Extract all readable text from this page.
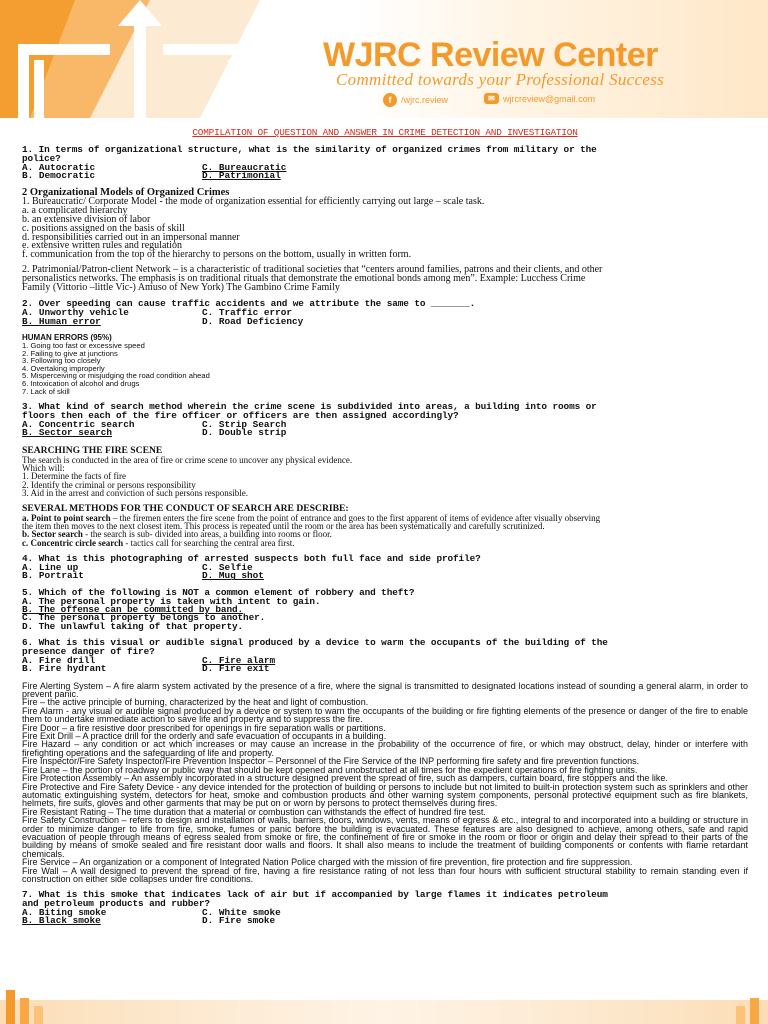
WJRC Review Center
Committed towards your Professional Success
f	/wjrc.review	✉ wjrcreview@gmail.com
COMPILATION OF QUESTION AND ANSWER IN CRIME DETECTION AND INVESTIGATION
1. In terms of organizational structure, what is the similarity of organized crimes from military or the
police?
A. Autocratic	C. Bureaucratic
B. Democratic	D. Patrimonial
2 Organizational Models of Organized Crimes
1. Bureaucratic/ Corporate Model - the mode of organization essential for efficiently carrying out large – scale task.
a. a complicated hierarchy
b. an extensive division of labor
c. positions assigned on the basis of skill
d. responsibilities carried out in an impersonal manner
e. extensive written rules and regulation
f. communication from the top of the hierarchy to persons on the bottom, usually in written form.
2. Patrimonial/Patron-client Network – is a characteristic of traditional societies that “centers around families, patrons and their clients, and other
personalistics networks. The emphasis is on traditional rituals that demonstrate the emotional bonds among men”. Example: Lucchess Crime
Family (Vittorio –little Vic-) Amuso of New York) The Gambino Crime Family
2. Over speeding can cause traffic accidents and we attribute the same to _______.
A. Unworthy vehicle	C. Traffic error
B. Human error	D. Road Deficiency
HUMAN ERRORS (95%)
1. Going too fast or excessive speed
2. Failing to give at junctions
3. Following too closely
4. Overtaking improperly
5. Misperceiving or misjudging the road condition ahead
6. Intoxication of alcohol and drugs
7. Lack of skill
3. What kind of search method wherein the crime scene is subdivided into areas, a building into rooms or
floors then each of the fire officer or officers are then assigned accordingly?
A. Concentric search	C. Strip Search
B. Sector search	D. Double strip
SEARCHING THE FIRE SCENE
The search is conducted in the area of fire or crime scene to uncover any physical evidence.
Which will:
1. Determine the facts of fire
2. Identify the criminal or persons responsibility
3. Aid in the arrest and conviction of such persons responsible.
SEVERAL METHODS FOR THE CONDUCT OF SEARCH ARE DESCRIBE:
a. Point to point search – the firemen enters the fire scene from the point of entrance and goes to the first apparent of items of evidence after visually observing
the item then moves to the next closest item. This process is repeated until the room or the area has been systematically and carefully scrutinized.
b. Sector search - the search is sub- divided into areas, a building into rooms or floor.
c. Concentric circle search - tactics call for searching the central area first.
4. What is this photographing of arrested suspects both full face and side profile?
A. Line up	C. Selfie
B. Portrait	D. Mug shot
5. Which of the following is NOT a common element of robbery and theft?
A. The personal property is taken with intent to gain.
B. The offense can be committed by band.
C. The personal property belongs to another.
D. The unlawful taking of that property.
6. What is this visual or audible signal produced by a device to warm the occupants of the building of the
presence danger of fire?
A. Fire drill	C. Fire alarm
B. Fire hydrant	D. Fire exit
Fire Alerting System – A fire alarm system activated by the presence of a fire, where the signal is transmitted to designated locations instead of sounding a general alarm, in order to prevent panic.
Fire – the active principle of burning, characterized by the heat and light of combustion.
Fire Alarm - any visual or audible signal produced by a device or system to warn the occupants of the building or fire fighting elements of the presence or danger of the fire to enable them to undertake immediate action to save life and property and to suppress the fire.
Fire Door – a fire resistive door prescribed for openings in fire separation walls or partitions.
Fire Exit Drill – A practice drill for the orderly and safe evacuation of occupants in a building.
Fire Hazard – any condition or act which increases or may cause an increase in the probability of the occurrence of fire, or which may obstruct, delay, hinder or interfere with firefighting operations and the safeguarding of life and property.
Fire Inspector/Fire Safety Inspector/Fire Prevention Inspector – Personnel of the Fire Service of the INP performing fire safety and fire prevention functions.
Fire Lane – the portion of roadway or public way that should be kept opened and unobstructed at all times for the expedient operations of fire fighting units.
Fire Protection Assembly – An assembly incorporated in a structure designed prevent the spread of fire, such as dampers, curtain board, fire stoppers and the like.
Fire Protective and Fire Safety Device - any device intended for the protection of building or persons to include but not limited to built-in protection system such as sprinklers and other automatic extinguishing system, detectors for heat, smoke and combustion products and other warning system components, personal protective equipment such as fire blankets, helmets, fire suits, gloves and other garments that may be put on or worn by persons to protect themselves during fires.
Fire Resistant Rating – The time duration that a material or combustion can withstands the effect of hundred fire test.
Fire Safety Construction – refers to design and installation of walls, barriers, doors, windows, vents, means of egress & etc., integral to and incorporated into a building or structure in order to minimize danger to life from fire, smoke, fumes or panic before the building is evacuated. These features are also designed to achieve, among others, safe and rapid evacuation of people through means of egress sealed from smoke or fire, the confinement of fire or smoke in the room or floor or origin and delay their spread to their parts of the building by means of smoke sealed and fire resistant door walls and floors. It shall also means to include the treatment of building components or contents with flame retardant chemicals.
Fire Service – An organization or a component of Integrated Nation Police charged with the mission of fire prevention, fire protection and fire suppression.
Fire Wall – A wall designed to prevent the spread of fire, having a fire resistance rating of not less than four hours with sufficient structural stability to remain standing even if construction on either side collapses under fire conditions.
7. What is this smoke that indicates lack of air but if accompanied by large flames it indicates petroleum
and petroleum products and rubber?
A. Biting smoke	C. White smoke
B. Black smoke	D. Fire smoke
